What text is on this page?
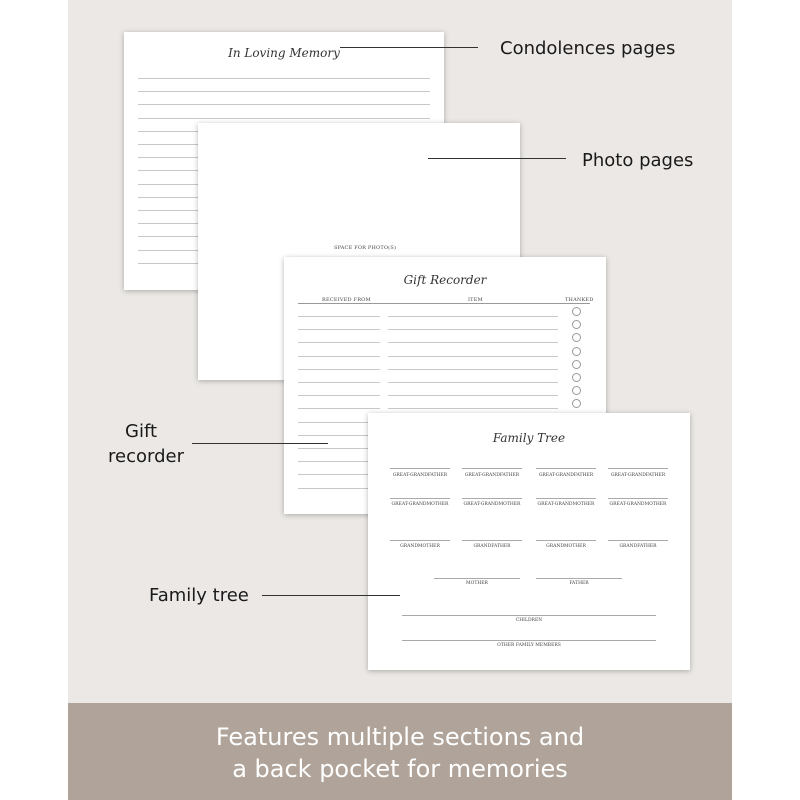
In Loving Memory
SPACE FOR PHOTO(S)
Gift Recorder
RECEIVED FROM	ITEM	THANKED
Family Tree
GREAT-GRANDFATHER	GREAT-GRANDFATHER	GREAT-GRANDFATHER	GREAT-GRANDFATHER
GREAT-GRANDMOTHER	GREAT-GRANDMOTHER	GREAT-GRANDMOTHER	GREAT-GRANDMOTHER
GRANDMOTHER	GRANDFATHER	GRANDMOTHER	GRANDFATHER
MOTHER	FATHER
CHILDREN
OTHER FAMILY MEMBERS
Condolences pages
Photo pages
Gift
recorder
Family tree
Features multiple sections and
a back pocket for memories
